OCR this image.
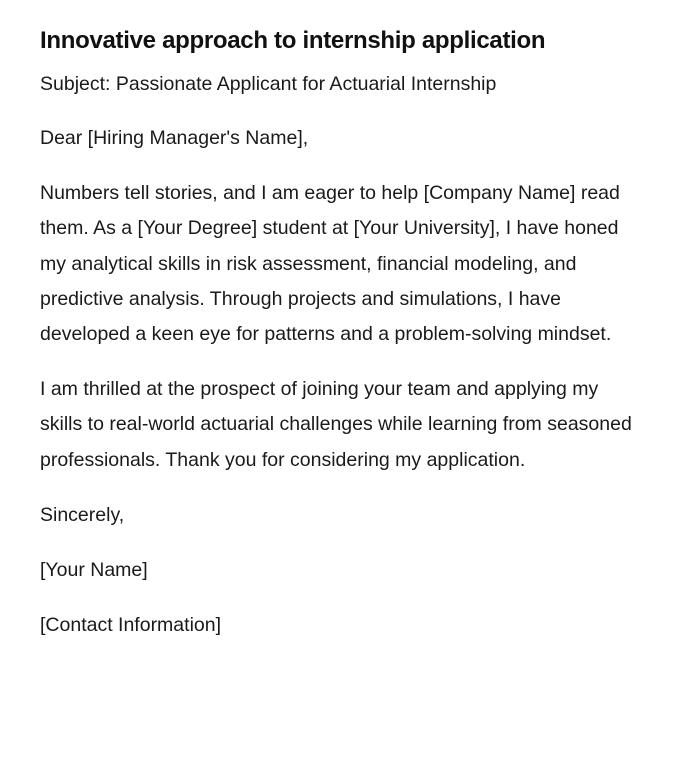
Innovative approach to internship application

Subject: Passionate Applicant for Actuarial Internship

Dear [Hiring Manager's Name],

Numbers tell stories, and I am eager to help [Company Name] read them. As a [Your Degree] student at [Your University], I have honed my analytical skills in risk assessment, financial modeling, and predictive analysis. Through projects and simulations, I have developed a keen eye for patterns and a problem-solving mindset.

I am thrilled at the prospect of joining your team and applying my skills to real-world actuarial challenges while learning from seasoned professionals. Thank you for considering my application.

Sincerely,

[Your Name]

[Contact Information]
